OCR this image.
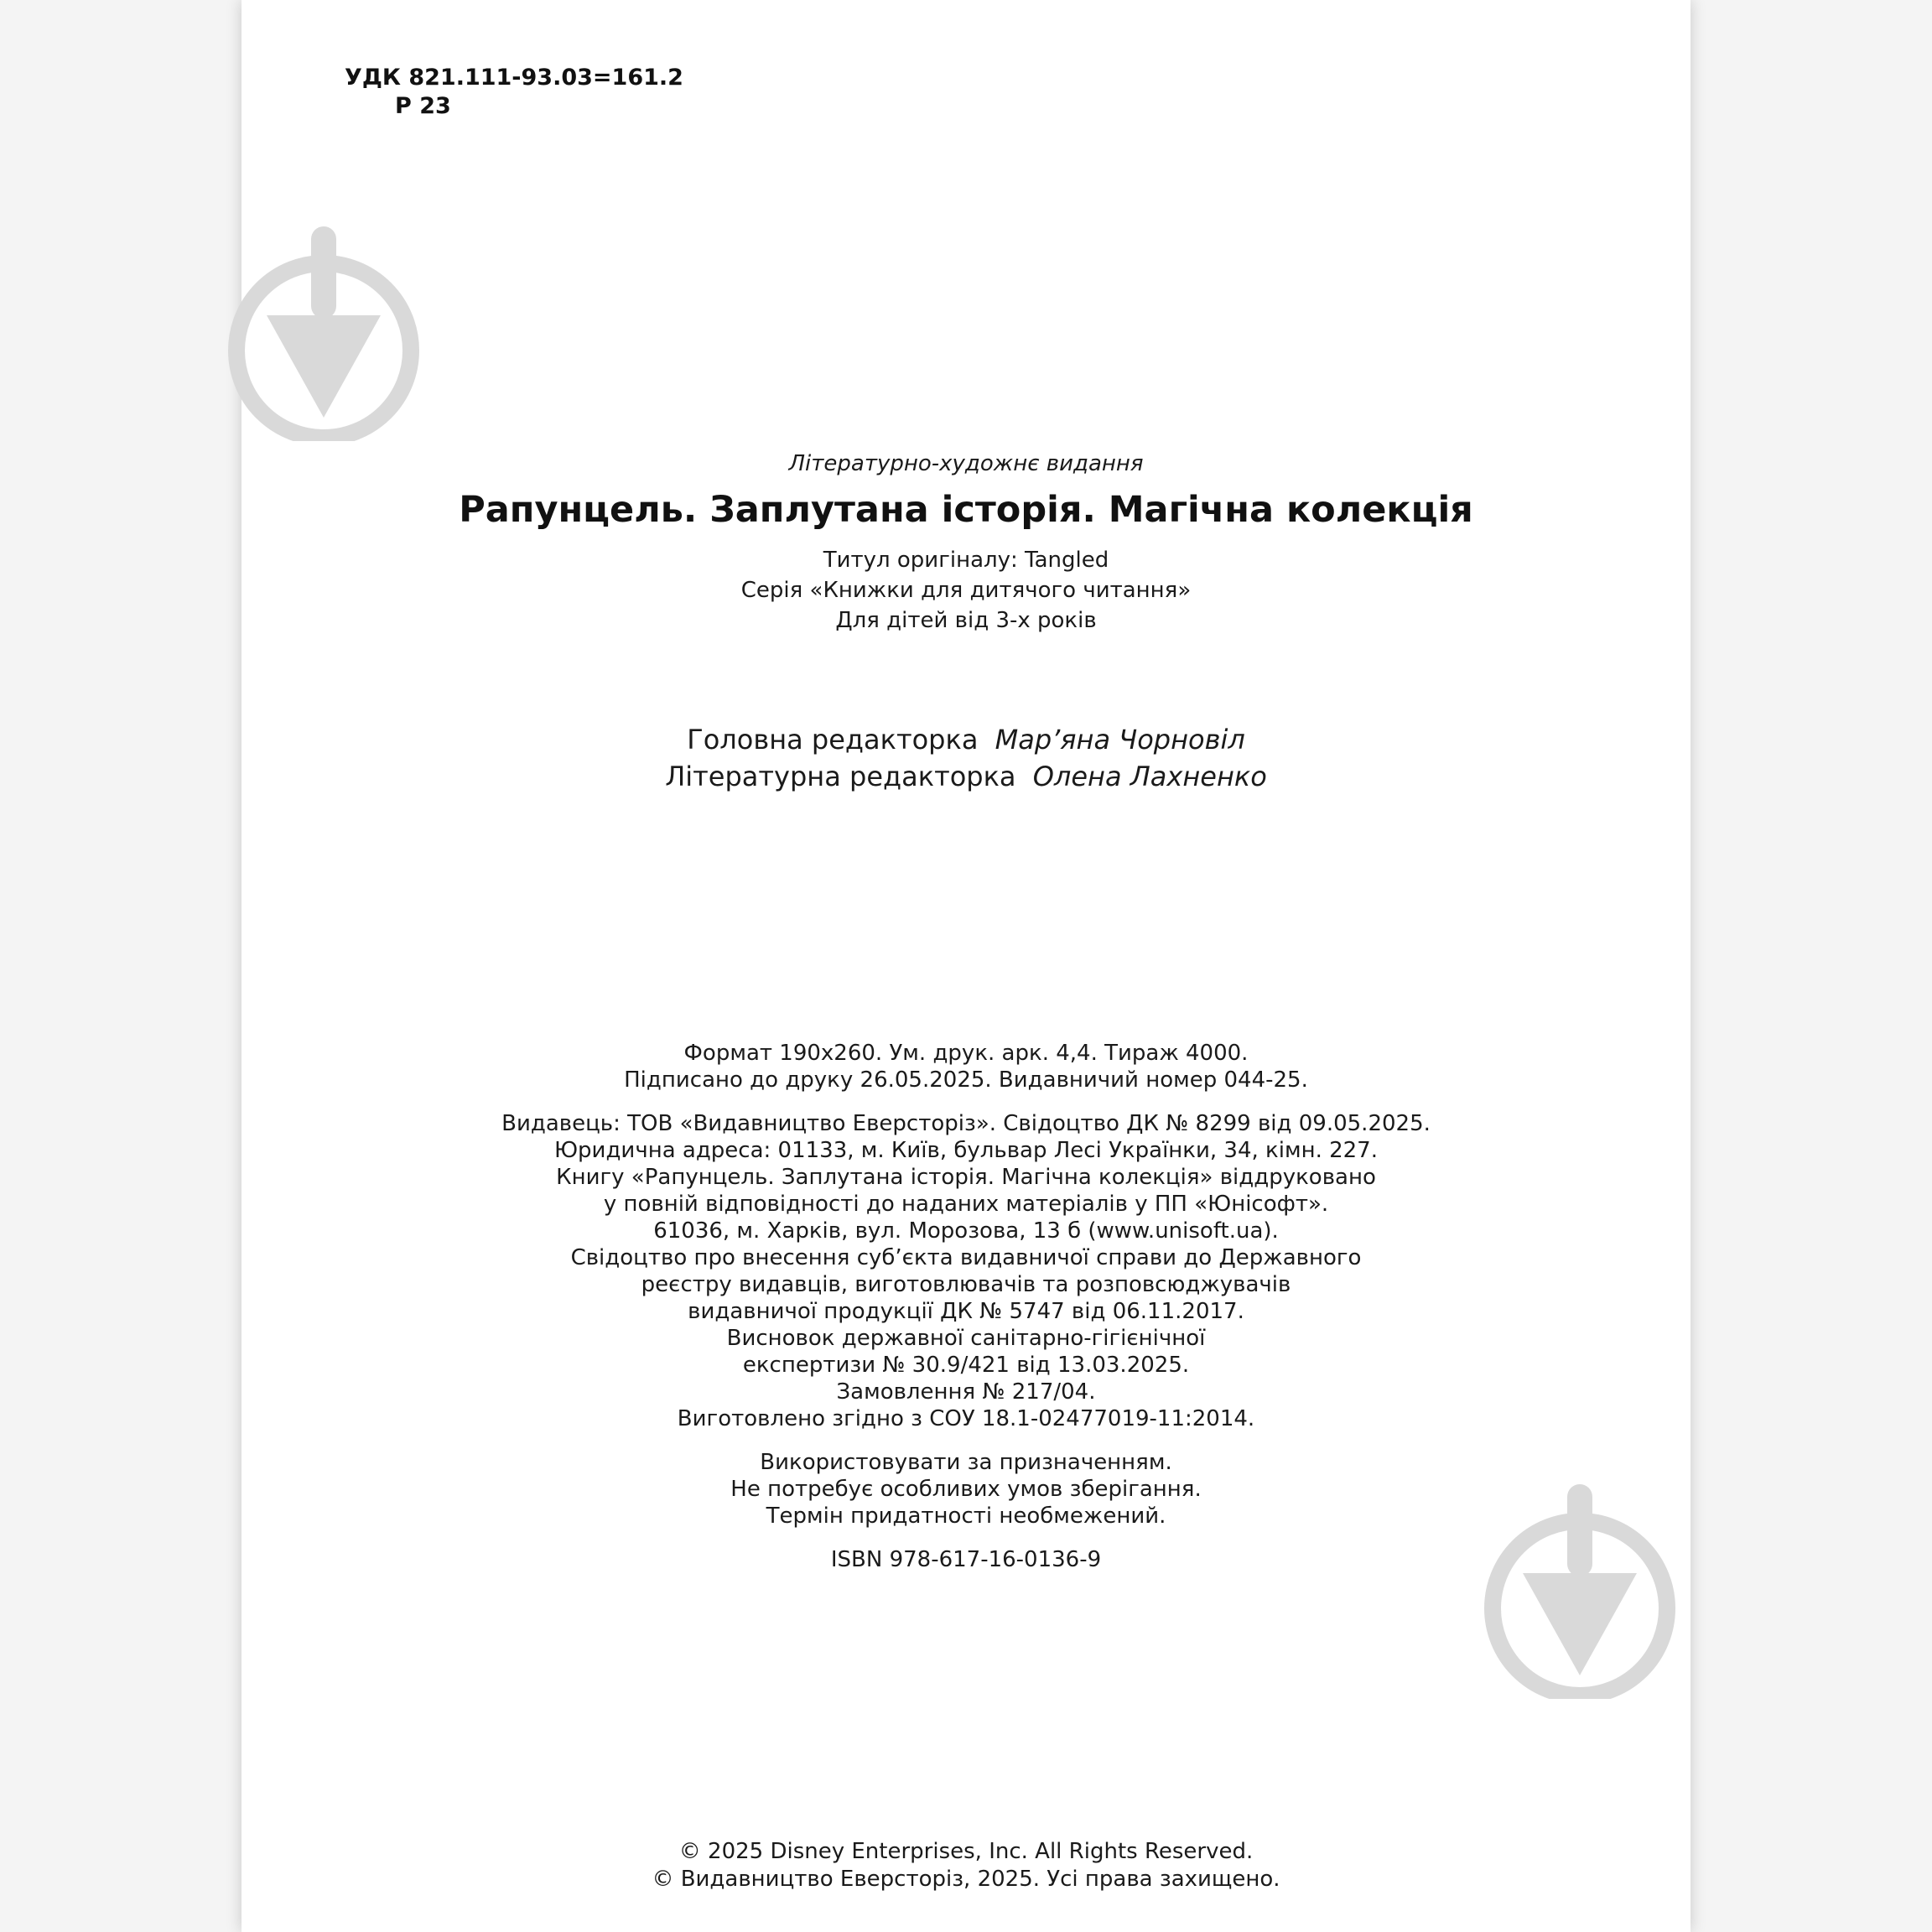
УДК 821.111-93.03=161.2
Р 23
Літературно-художнє видання
Рапунцель. Заплутана історія. Магічна колекція
Титул оригіналу: Tangled
Серія «Книжки для дитячого читання»
Для дітей від 3-х років
Головна редакторка Мар’яна Чорновіл
Літературна редакторка Олена Лахненко
Формат 190x260. Ум. друк. арк. 4,4. Тираж 4000.
Підписано до друку 26.05.2025. Видавничий номер 044-25.
Видавець: ТОВ «Видавництво Еверсторіз». Свідоцтво ДК № 8299 від 09.05.2025.
Юридична адреса: 01133, м. Київ, бульвар Лесі Українки, 34, кімн. 227.
Книгу «Рапунцель. Заплутана історія. Магічна колекція» віддруковано
у повній відповідності до наданих матеріалів у ПП «Юнісофт».
61036, м. Харків, вул. Морозова, 13 б (www.unisoft.ua).
Свідоцтво про внесення суб’єкта видавничої справи до Державного
реєстру видавців, виготовлювачів та розповсюджувачів
видавничої продукції ДК № 5747 від 06.11.2017.
Висновок державної санітарно-гігієнічної
експертизи № 30.9/421 від 13.03.2025.
Замовлення № 217/04.
Виготовлено згідно з СОУ 18.1-02477019-11:2014.
Використовувати за призначенням.
Не потребує особливих умов зберігання.
Термін придатності необмежений.
ISBN 978-617-16-0136-9
© 2025 Disney Enterprises, Inc. All Rights Reserved.
© Видавництво Еверсторіз, 2025. Усі права захищено.
